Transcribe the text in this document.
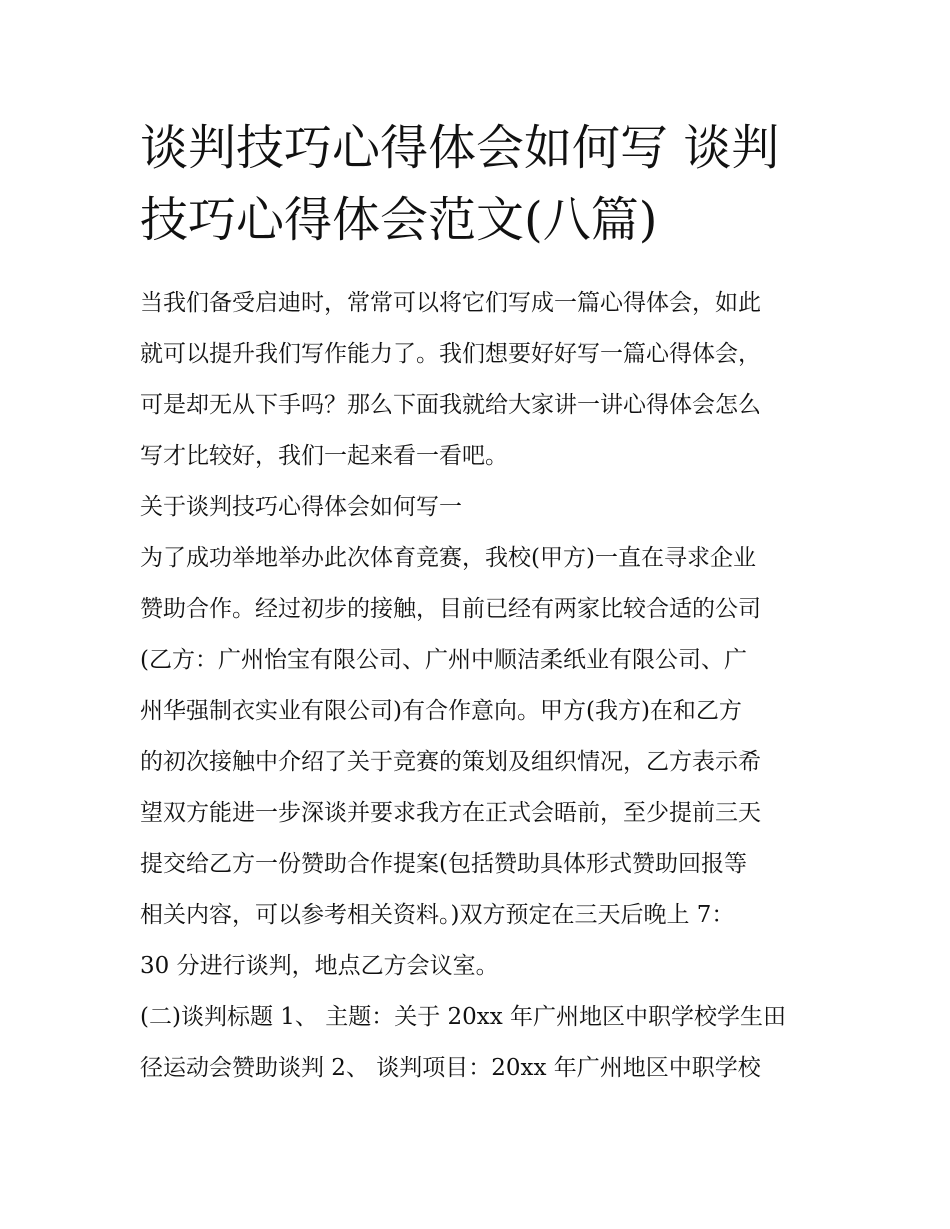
谈判技巧心得体会如何写 谈判
技巧心得体会范文(八篇)

当我们备受启迪时，常常可以将它们写成一篇心得体会，如此

就可以提升我们写作能力了。我们想要好好写一篇心得体会，

可是却无从下手吗？那么下面我就给大家讲一讲心得体会怎么

写才比较好，我们一起来看一看吧。

关于谈判技巧心得体会如何写一

为了成功举地举办此次体育竞赛，我校(甲方)一直在寻求企业

赞助合作。经过初步的接触，目前已经有两家比较合适的公司

(乙方：广州怡宝有限公司、广州中顺洁柔纸业有限公司、广

州华强制衣实业有限公司)有合作意向。甲方(我方)在和乙方

的初次接触中介绍了关于竞赛的策划及组织情况，乙方表示希

望双方能进一步深谈并要求我方在正式会晤前，至少提前三天

提交给乙方一份赞助合作提案(包括赞助具体形式赞助回报等

相关内容，可以参考相关资料。)双方预定在三天后晚上 7：

30 分进行谈判，地点乙方会议室。

(二)谈判标题 1、 主题：关于 20xx 年广州地区中职学校学生田

径运动会赞助谈判 2、 谈判项目：20xx 年广州地区中职学校
